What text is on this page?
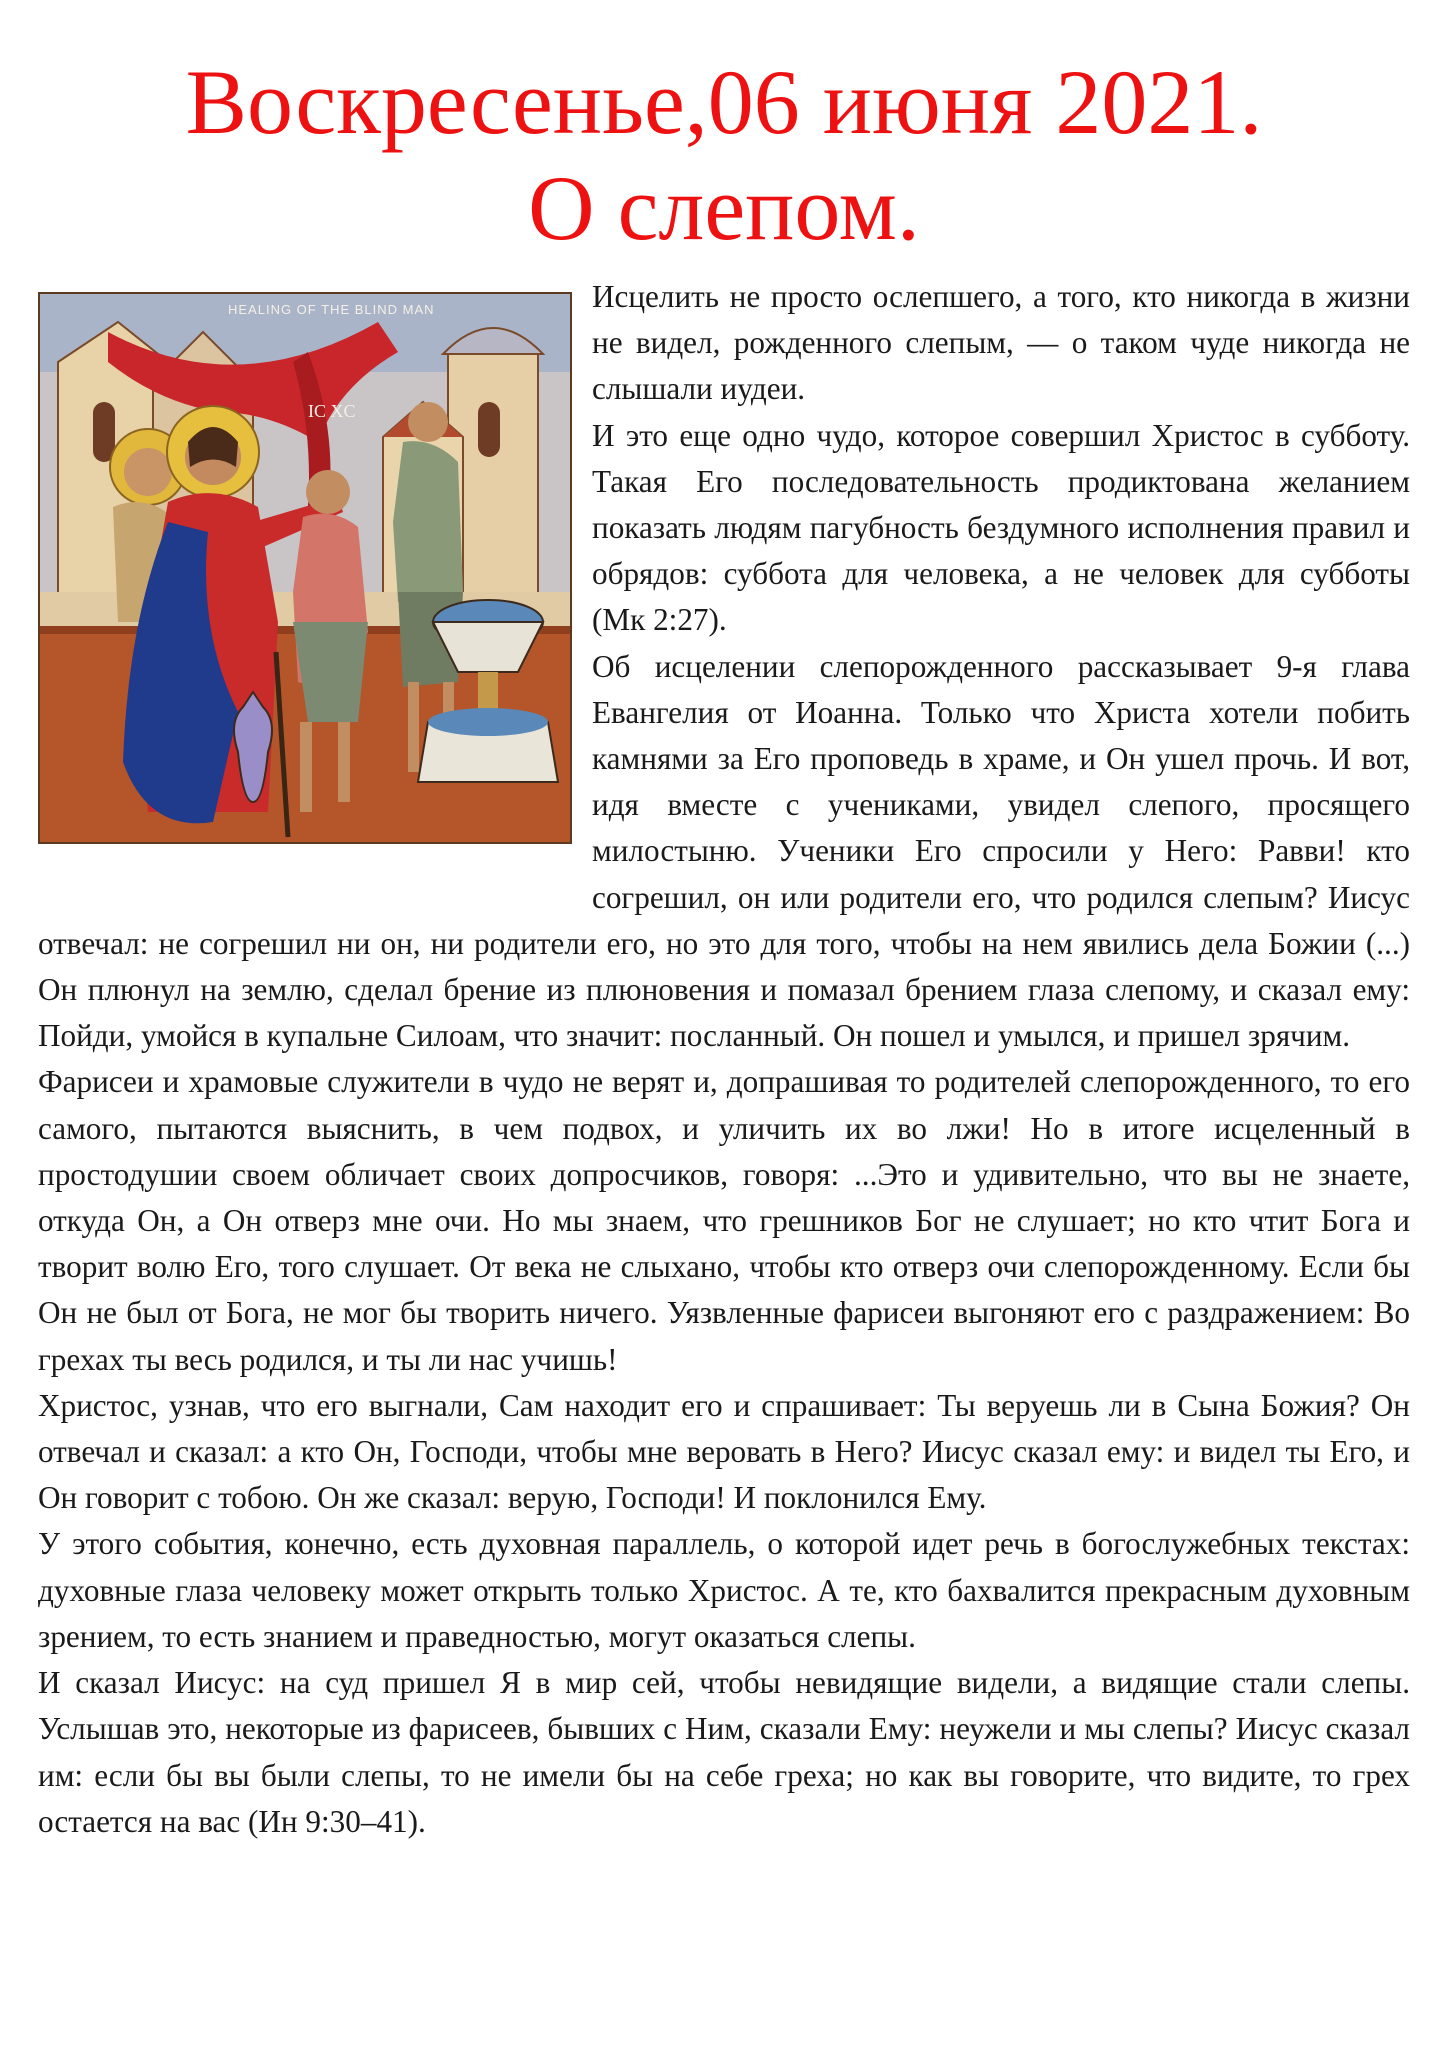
Воскресенье,06 июня 2021.
О слепом.
HEALING OF THE BLIND MAN
IC XC

Исцелить не просто ослепшего, а того, кто никогда в жизни не видел, рожденного слепым, — о таком чуде никогда не слышали иудеи.

И это еще одно чудо, которое совершил Христос в субботу. Такая Его последовательность продиктована желанием показать людям пагубность бездумного исполнения правил и обрядов: суббота для человека, а не человек для субботы (Мк 2:27).

Об исцелении слепорожденного рассказывает 9-я глава Евангелия от Иоанна. Только что Христа хотели побить камнями за Его проповедь в храме, и Он ушел прочь. И вот, идя вместе с учениками, увидел слепого, просящего милостыню. Ученики Его спросили у Него: Равви! кто согрешил, он или родители его, что родился слепым? Иисус отвечал: не согрешил ни он, ни родители его, но это для того, чтобы на нем явились дела Божии (...) Он плюнул на землю, сделал брение из плюновения и помазал брением глаза слепому, и сказал ему: Пойди, умойся в купальне Силоам, что значит: посланный. Он пошел и умылся, и пришел зрячим.

Фарисеи и храмовые служители в чудо не верят и, допрашивая то родителей слепорожденного, то его самого, пытаются выяснить, в чем подвох, и уличить их во лжи! Но в итоге исцеленный в простодушии своем обличает своих допросчиков, говоря: ...Это и удивительно, что вы не знаете, откуда Он, а Он отверз мне очи. Но мы знаем, что грешников Бог не слушает; но кто чтит Бога и творит волю Его, того слушает. От века не слыхано, чтобы кто отверз очи слепорожденному. Если бы Он не был от Бога, не мог бы творить ничего. Уязвленные фарисеи выгоняют его с раздражением: Во грехах ты весь родился, и ты ли нас учишь!

Христос, узнав, что его выгнали, Сам находит его и спрашивает: Ты веруешь ли в Сына Божия? Он отвечал и сказал: а кто Он, Господи, чтобы мне веровать в Него? Иисус сказал ему: и видел ты Его, и Он говорит с тобою. Он же сказал: верую, Господи! И поклонился Ему.

У этого события, конечно, есть духовная параллель, о которой идет речь в богослужебных текстах: духовные глаза человеку может открыть только Христос. А те, кто бахвалится прекрасным духовным зрением, то есть знанием и праведностью, могут оказаться слепы.

И сказал Иисус: на суд пришел Я в мир сей, чтобы невидящие видели, а видящие стали слепы. Услышав это, некоторые из фарисеев, бывших с Ним, сказали Ему: неужели и мы слепы? Иисус сказал им: если бы вы были слепы, то не имели бы на себе греха; но как вы говорите, что видите, то грех остается на вас (Ин 9:30–41).
